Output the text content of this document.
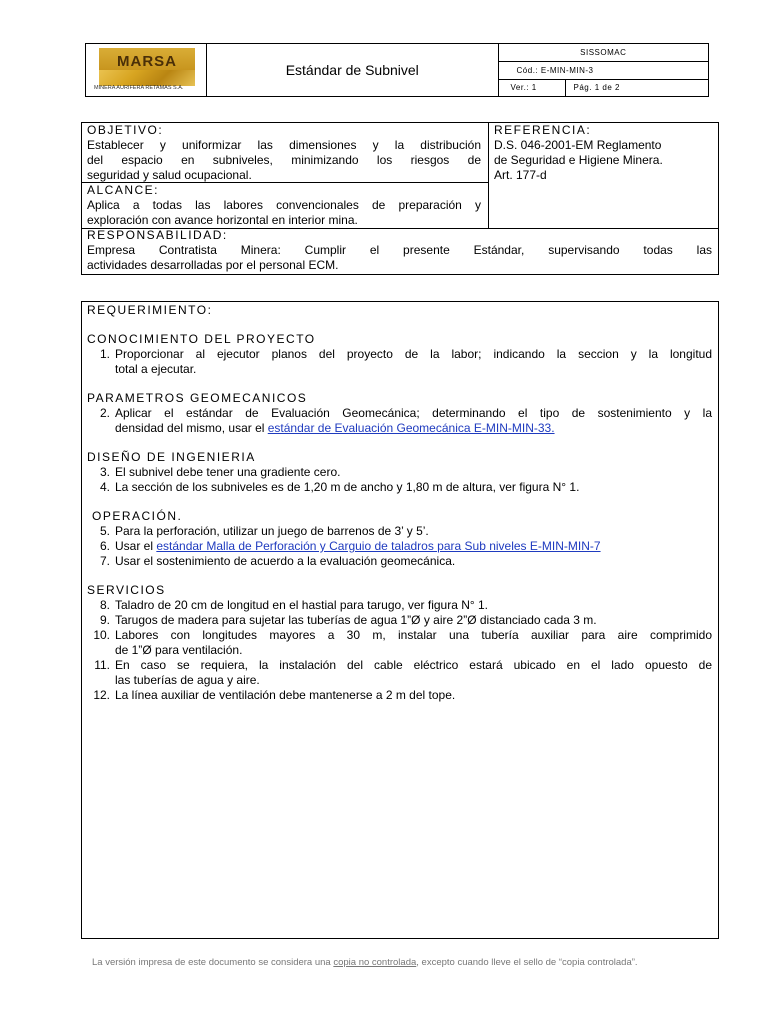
MARSA
MINERA AURIFERA RETAMAS S.A.	Estándar de Subnivel	SISSOMAC	
		Cód.: E-MIN-MIN-3	
		Ver.: 1	Pág. 1 de 2
OBJETIVO:
Establecer y uniformizar las dimensiones y la distribución
del espacio en subniveles, minimizando los riesgos de
seguridad y salud ocupacional.
REFERENCIA:
D.S. 046-2001-EM Reglamento
de Seguridad e Higiene Minera.
Art. 177-d
ALCANCE:
Aplica a todas las labores convencionales de preparación y
exploración con avance horizontal en interior mina.
RESPONSABILIDAD:
Empresa Contratista Minera: Cumplir el presente Estándar, supervisando todas las
actividades desarrolladas por el personal ECM.
REQUERIMIENTO:
CONOCIMIENTO DEL PROYECTO
1. Proporcionar al ejecutor planos del proyecto de la labor; indicando la seccion y la longitud
total a ejecutar.
PARAMETROS GEOMECANICOS
2. Aplicar el estándar de Evaluación Geomecánica; determinando el tipo de sostenimiento y la
densidad del mismo, usar el estándar de Evaluación Geomecánica E-MIN-MIN-33.
DISEÑO DE INGENIERIA
3. El subnivel debe tener una gradiente cero.
4. La sección de los subniveles es de 1,20 m de ancho y 1,80 m de altura, ver figura N° 1.
OPERACIÓN.
5. Para la perforación, utilizar un juego de barrenos de 3’ y 5’.
6. Usar el estándar Malla de Perforación y Carguio de taladros para Sub niveles E-MIN-MIN-7
7. Usar el sostenimiento de acuerdo a la evaluación geomecánica.
SERVICIOS
8. Taladro de 20 cm de longitud en el hastial para tarugo, ver figura N° 1.
9. Tarugos de madera para sujetar las tuberías de agua 1”Ø y aire 2”Ø distanciado cada 3 m.
10. Labores con longitudes mayores a 30 m, instalar una tubería auxiliar para aire comprimido
de 1”Ø para ventilación.
11. En caso se requiera, la instalación del cable eléctrico estará ubicado en el lado opuesto de
las tuberías de agua y aire.
12. La línea auxiliar de ventilación debe mantenerse a 2 m del tope.
La versión impresa de este documento se considera una copia no controlada, excepto cuando lleve el sello de “copia controlada”.
